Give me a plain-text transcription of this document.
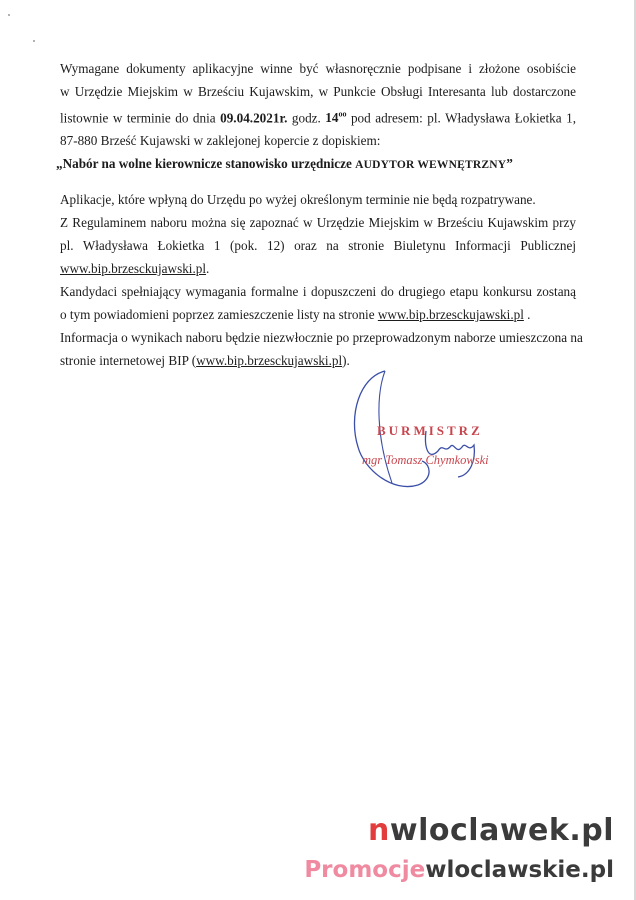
Wymagane dokumenty aplikacyjne winne być własnoręcznie podpisane i złożone osobiście
w Urzędzie Miejskim w Brześciu Kujawskim, w Punkcie Obsługi Interesanta lub dostarczone
listownie w terminie do dnia 09.04.2021r. godz. $14^{oo}$ pod adresem: pl. Władysława Łokietka 1,
87-880 Brześć Kujawski w zaklejonej kopercie z dopiskiem:
„Nabór na wolne kierownicze stanowisko urzędnicze AUDYTOR WEWNĘTRZNY”
Aplikacje, które wpłyną do Urzędu po wyżej określonym terminie nie będą rozpatrywane.
Z Regulaminem naboru można się zapoznać w Urzędzie Miejskim w Brześciu Kujawskim przy
pl. Władysława Łokietka 1 (pok. 12) oraz na stronie Biuletynu Informacji Publicznej
www.bip.brzesckujawski.pl.
Kandydaci spełniający wymagania formalne i dopuszczeni do drugiego etapu konkursu zostaną
o tym powiadomieni poprzez zamieszczenie listy na stronie www.bip.brzesckujawski.pl .
Informacja o wynikach naboru będzie niezwłocznie po przeprowadzonym naborze umieszczona na
stronie internetowej BIP (www.bip.brzesckujawski.pl).
BURMISTRZ
mgr Tomasz Chymkowski
nwloclawek.pl
Promocjewloclawskie.pl
